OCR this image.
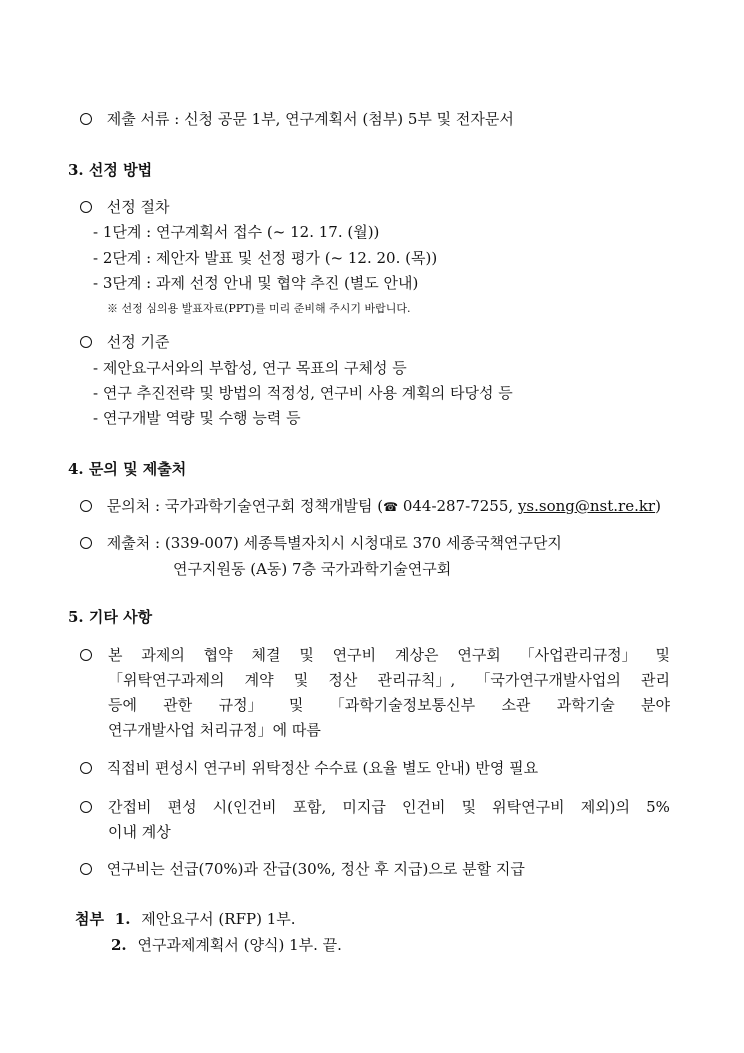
제출 서류 : 신청 공문 1부, 연구계획서 (첨부) 5부 및 전자문서
3. 선정 방법
선정 절차
- 1단계 : 연구계획서 접수 (~ 12. 17. (월))
- 2단계 : 제안자 발표 및 선정 평가 (~ 12. 20. (목))
- 3단계 : 과제 선정 안내 및 협약 추진 (별도 안내)
※ 선정 심의용 발표자료(PPT)를 미리 준비해 주시기 바랍니다.
선정 기준
- 제안요구서와의 부합성, 연구 목표의 구체성 등
- 연구 추진전략 및 방법의 적정성, 연구비 사용 계획의 타당성 등
- 연구개발 역량 및 수행 능력 등
4. 문의 및 제출처
문의처 : 국가과학기술연구회 정책개발팀 (☎ 044-287-7255, ys.song@nst.re.kr)
제출처 : (339-007) 세종특별자치시 시청대로 370 세종국책연구단지
연구지원동 (A동) 7층 국가과학기술연구회
5. 기타 사항
본 과제의 협약 체결 및 연구비 계상은 연구회 「사업관리규정」 및
「위탁연구과제의 계약 및 정산 관리규칙」, 「국가연구개발사업의 관리
등에 관한 규정」 및 「과학기술정보통신부 소관 과학기술 분야
연구개발사업 처리규정」에 따름
직접비 편성시 연구비 위탁정산 수수료 (요율 별도 안내) 반영 필요
간접비 편성 시(인건비 포함, 미지급 인건비 및 위탁연구비 제외)의 5%
이내 계상
연구비는 선급(70%)과 잔급(30%, 정산 후 지급)으로 분할 지급
첨부 1. 제안요구서 (RFP) 1부.
2. 연구과제계획서 (양식) 1부. 끝.
